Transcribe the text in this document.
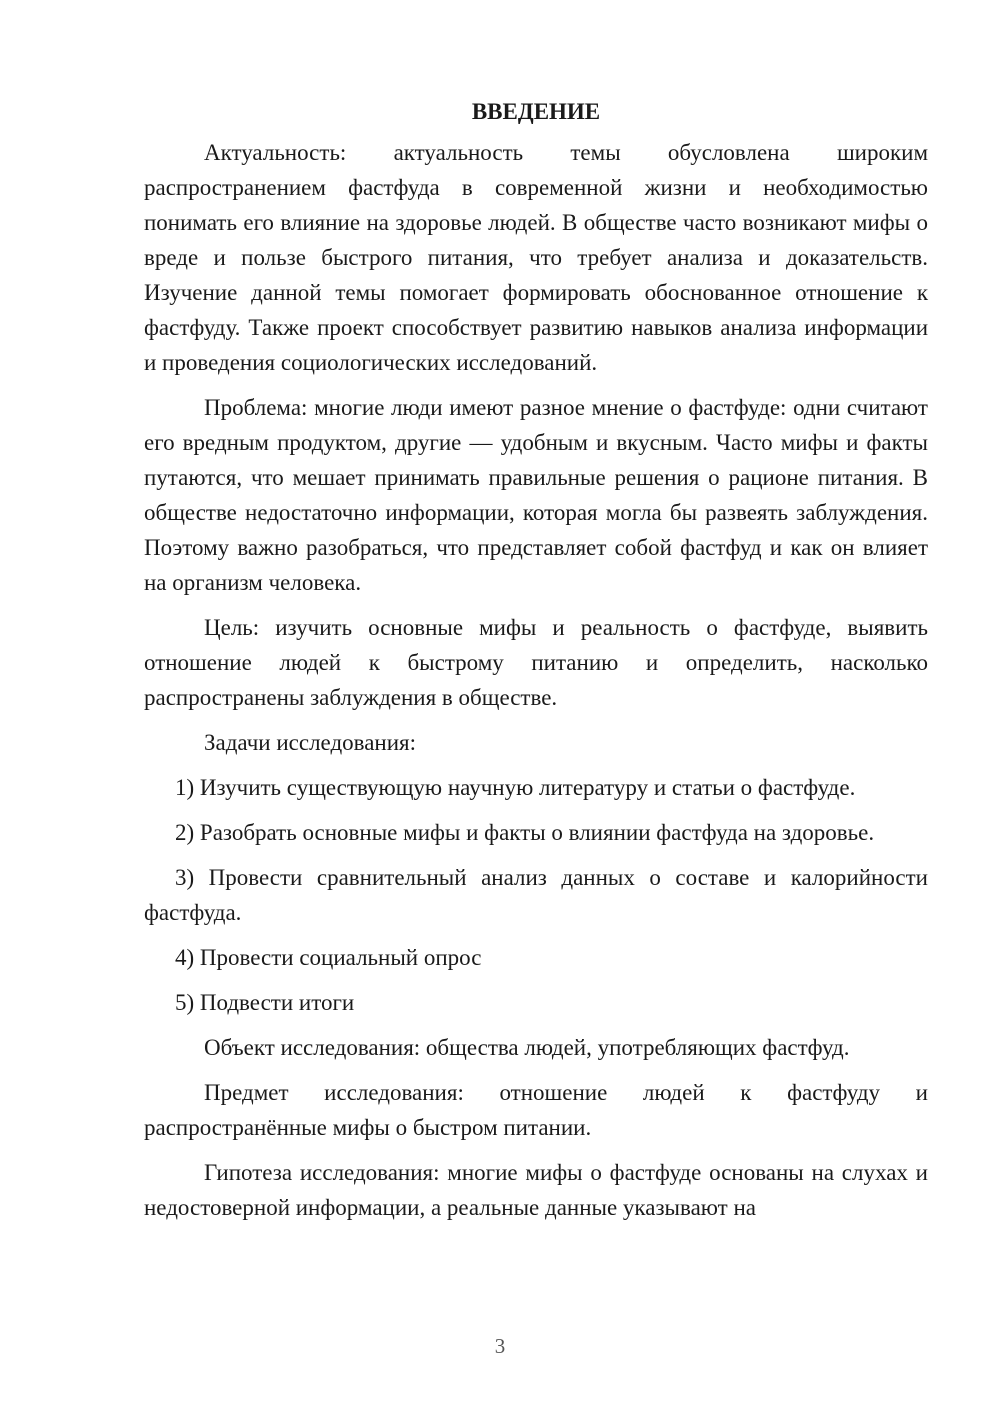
ВВЕДЕНИЕ

Актуальность: актуальность темы обусловлена широким распространением фастфуда в современной жизни и необходимостью понимать его влияние на здоровье людей. В обществе часто возникают мифы о вреде и пользе быстрого питания, что требует анализа и доказательств. Изучение данной темы помогает формировать обоснованное отношение к фастфуду. Также проект способствует развитию навыков анализа информации и проведения социологических исследований.

Проблема: многие люди имеют разное мнение о фастфуде: одни считают его вредным продуктом, другие — удобным и вкусным. Часто мифы и факты путаются, что мешает принимать правильные решения о рационе питания. В обществе недостаточно информации, которая могла бы развеять заблуждения. Поэтому важно разобраться, что представляет собой фастфуд и как он влияет на организм человека.

Цель: изучить основные мифы и реальность о фастфуде, выявить отношение людей к быстрому питанию и определить, насколько распространены заблуждения в обществе.

Задачи исследования:

1) Изучить существующую научную литературу и статьи о фастфуде.

2) Разобрать основные мифы и факты о влиянии фастфуда на здоровье.

3) Провести сравнительный анализ данных о составе и калорийности фастфуда.

4) Провести социальный опрос

5) Подвести итоги

Объект исследования: общества людей, употребляющих фастфуд.

Предмет исследования: отношение людей к фастфуду и распространённые мифы о быстром питании.

Гипотеза исследования: многие мифы о фастфуде основаны на слухах и недостоверной информации, а реальные данные указывают на

3
